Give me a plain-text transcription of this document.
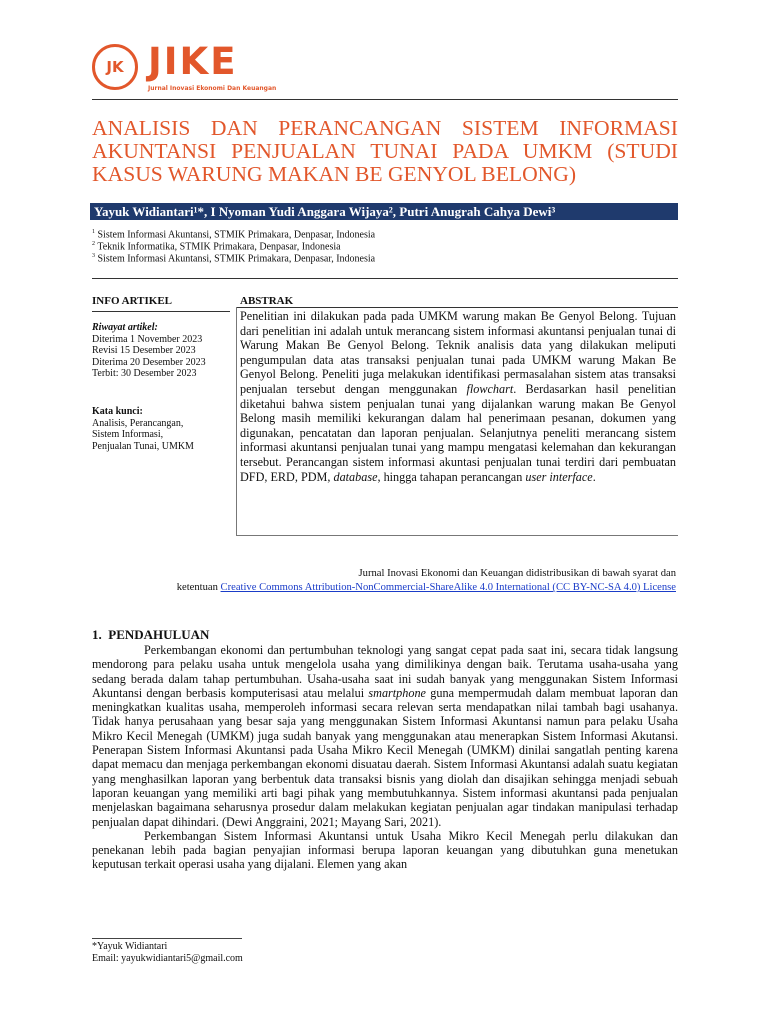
JK JIKE
Jurnal Inovasi Ekonomi Dan Keuangan
ANALISIS DAN PERANCANGAN SISTEM INFORMASI AKUNTANSI PENJUALAN TUNAI PADA UMKM (STUDI KASUS WARUNG MAKAN BE GENYOL BELONG)
Yayuk Widiantari¹*, I Nyoman Yudi Anggara Wijaya², Putri Anugrah Cahya Dewi³
$^1$ Sistem Informasi Akuntansi, STMIK Primakara, Denpasar, Indonesia
$^2$ Teknik Informatika, STMIK Primakara, Denpasar, Indonesia
$^3$ Sistem Informasi Akuntansi, STMIK Primakara, Denpasar, Indonesia
INFO ARTIKEL
Riwayat artikel:
Diterima 1 November 2023
Revisi 15 Desember 2023
Diterima 20 Desember 2023
Terbit: 30 Desember 2023
Kata kunci:
Analisis, Perancangan,
Sistem Informasi,
Penjualan Tunai, UMKM
ABSTRAK
Penelitian ini dilakukan pada pada UMKM warung makan Be Genyol Belong. Tujuan dari penelitian ini adalah untuk merancang sistem informasi akuntansi penjualan tunai di Warung Makan Be Genyol Belong. Teknik analisis data yang dilakukan meliputi pengumpulan data atas transaksi penjualan tunai pada UMKM warung Makan Be Genyol Belong. Peneliti juga melakukan identifikasi permasalahan sistem atas transaksi penjualan tersebut dengan menggunakan flowchart. Berdasarkan hasil penelitian diketahui bahwa sistem penjualan tunai yang dijalankan warung makan Be Genyol Belong masih memiliki kekurangan dalam hal penerimaan pesanan, dokumen yang digunakan, pencatatan dan laporan penjualan. Selanjutnya peneliti merancang sistem informasi akuntansi penjualan tunai yang mampu mengatasi kelemahan dan kekurangan tersebut. Perancangan sistem informasi akuntasi penjualan tunai terdiri dari pembuatan DFD, ERD, PDM, database, hingga tahapan perancangan user interface.
Jurnal Inovasi Ekonomi dan Keuangan didistribusikan di bawah syarat dan
ketentuan Creative Commons Attribution-NonCommercial-ShareAlike 4.0 International (CC BY-NC-SA 4.0) License
1. PENDAHULUAN

Perkembangan ekonomi dan pertumbuhan teknologi yang sangat cepat pada saat ini, secara tidak langsung mendorong para pelaku usaha untuk mengelola usaha yang dimilikinya dengan baik. Terutama usaha-usaha yang sedang berada dalam tahap pertumbuhan. Usaha-usaha saat ini sudah banyak yang menggunakan Sistem Informasi Akuntansi dengan berbasis komputerisasi atau melalui smartphone guna mempermudah dalam membuat laporan dan meningkatkan kualitas usaha, memperoleh informasi secara relevan serta mendapatkan nilai tambah bagi usahanya. Tidak hanya perusahaan yang besar saja yang menggunakan Sistem Informasi Akuntansi namun para pelaku Usaha Mikro Kecil Menegah (UMKM) juga sudah banyak yang menggunakan atau menerapkan Sistem Informasi Akutansi. Penerapan Sistem Informasi Akuntansi pada Usaha Mikro Kecil Menegah (UMKM) dinilai sangatlah penting karena dapat memacu dan menjaga perkembangan ekonomi disuatau daerah. Sistem Informasi Akuntansi adalah suatu kegiatan yang menghasilkan laporan yang berbentuk data transaksi bisnis yang diolah dan disajikan sehingga menjadi sebuah laporan keuangan yang memiliki arti bagi pihak yang membutuhkannya. Sistem informasi akuntansi pada penjualan menjelaskan bagaimana seharusnya prosedur dalam melakukan kegiatan penjualan agar tindakan manipulasi terhadap penjualan dapat dihindari. (Dewi Anggraini, 2021; Mayang Sari, 2021).

Perkembangan Sistem Informasi Akuntansi untuk Usaha Mikro Kecil Menegah perlu dilakukan dan penekanan lebih pada bagian penyajian informasi berupa laporan keuangan yang dibutuhkan guna menetukan keputusan terkait operasi usaha yang dijalani. Elemen yang akan

*Yayuk Widiantari
Email: yayukwidiantari5@gmail.com
